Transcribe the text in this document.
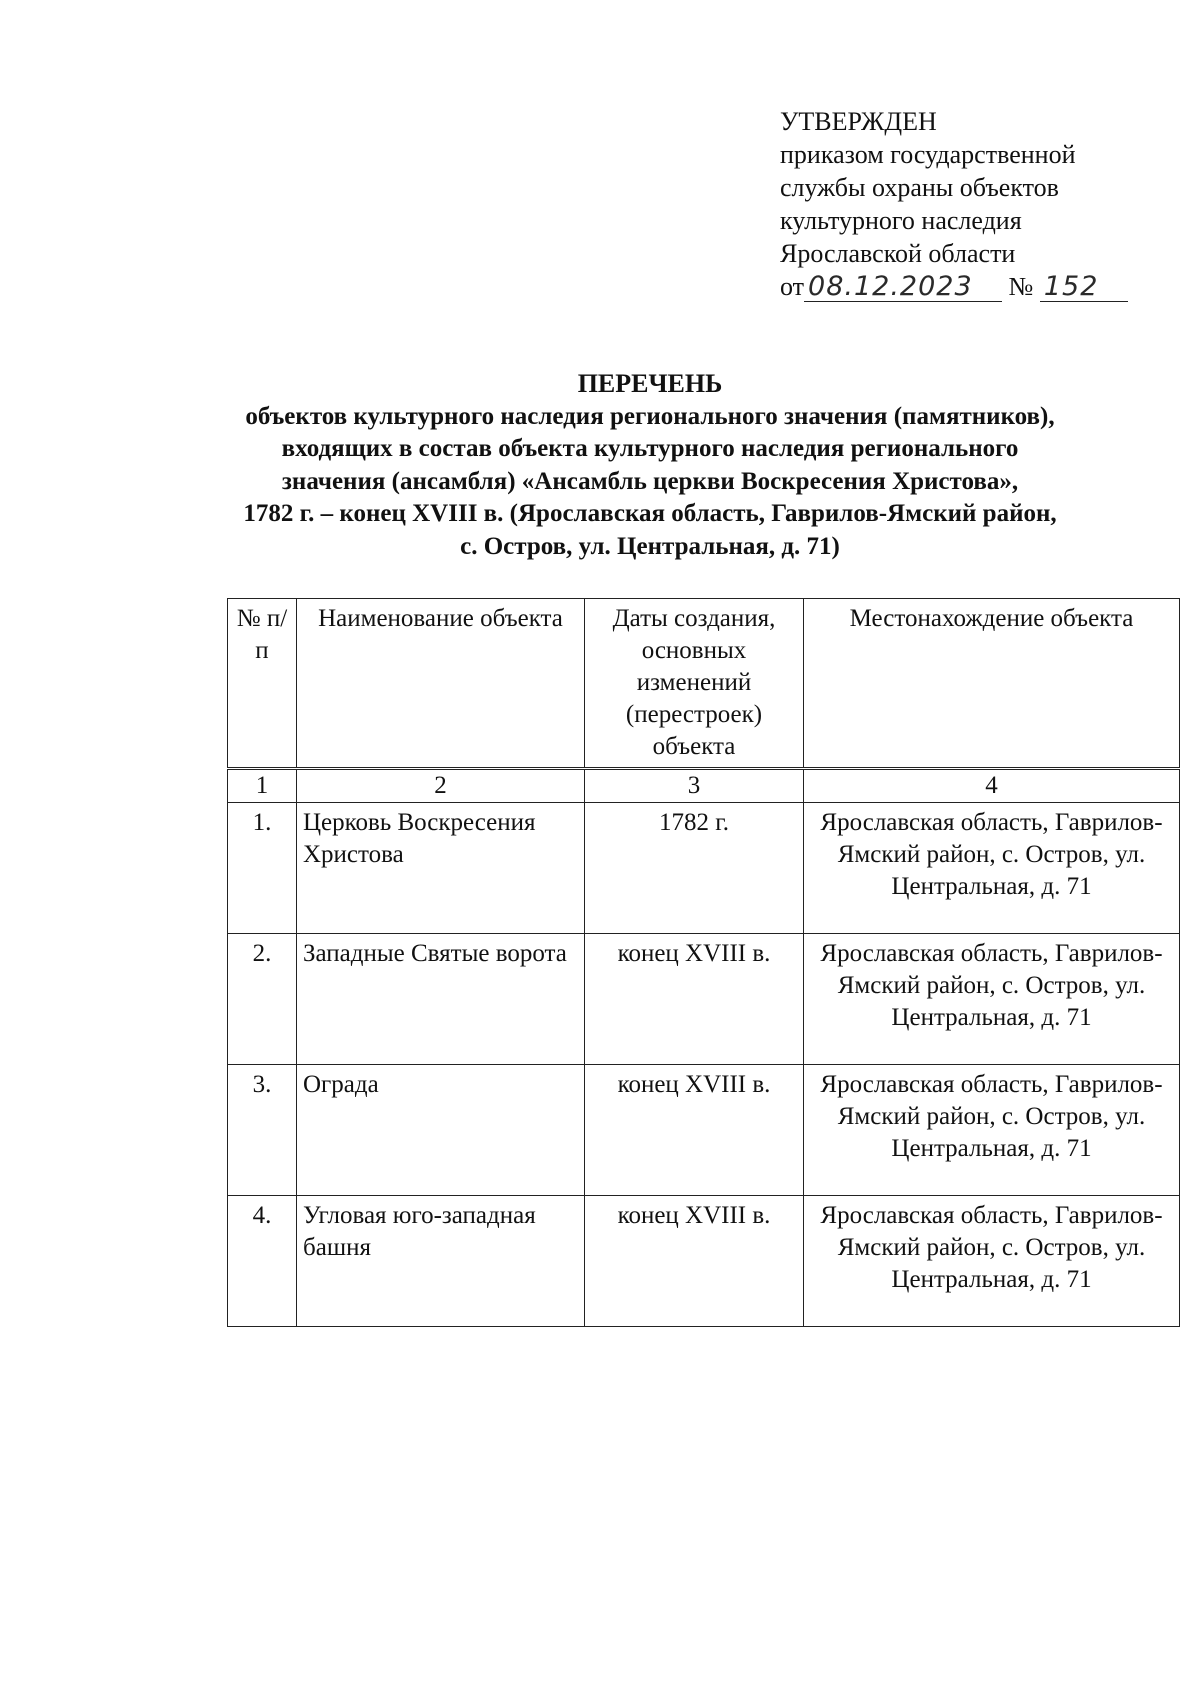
УТВЕРЖДЕН
приказом государственной
службы охраны объектов
культурного наследия
Ярославской области
от 08.12.2023 № 152
ПЕРЕЧЕНЬ
объектов культурного наследия регионального значения (памятников),
входящих в состав объекта культурного наследия регионального
значения (ансамбля) «Ансамбль церкви Воскресения Христова»,
1782 г. – конец XVIII в. (Ярославская область, Гаврилов-Ямский район,
с. Остров, ул. Центральная, д. 71)
№ п/п	Наименование объекта	Даты создания, основных изменений (перестроек) объекта	Местонахождение объекта
1	2	3	4
1.	Церковь Воскресения Христова	1782 г.	Ярославская область, Гаврилов-Ямский район, с. Остров, ул. Центральная, д. 71
2.	Западные Святые ворота	конец XVIII в.	Ярославская область, Гаврилов-Ямский район, с. Остров, ул. Центральная, д. 71
3.	Ограда	конец XVIII в.	Ярославская область, Гаврилов-Ямский район, с. Остров, ул. Центральная, д. 71
4.	Угловая юго-западная башня	конец XVIII в.	Ярославская область, Гаврилов-Ямский район, с. Остров, ул. Центральная, д. 71
